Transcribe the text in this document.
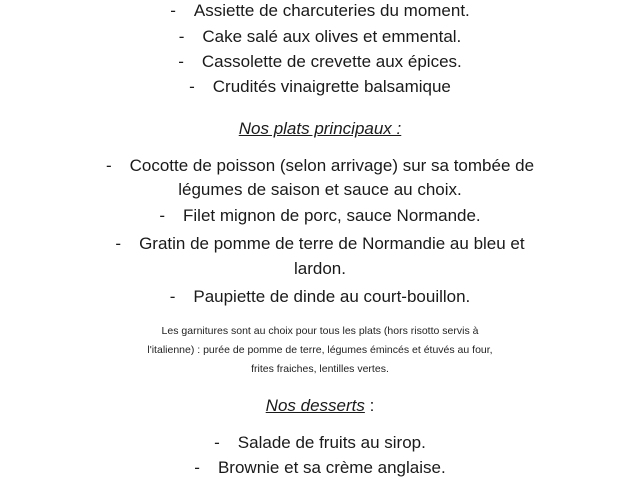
- Assiette de charcuteries du moment.
- Cake salé aux olives et emmental.
- Cassolette de crevette aux épices.
- Crudités vinaigrette balsamique
Nos plats principaux :
- Cocotte de poisson (selon arrivage) sur sa tombée de
légumes de saison et sauce au choix.
- Filet mignon de porc, sauce Normande.
- Gratin de pomme de terre de Normandie au bleu et
lardon.
- Paupiette de dinde au court-bouillon.
Les garnitures sont au choix pour tous les plats (hors risotto servis à
l'italienne) : purée de pomme de terre, légumes émincés et étuvés au four,
frites fraiches, lentilles vertes.
Nos desserts :
- Salade de fruits au sirop.
- Brownie et sa crème anglaise.
